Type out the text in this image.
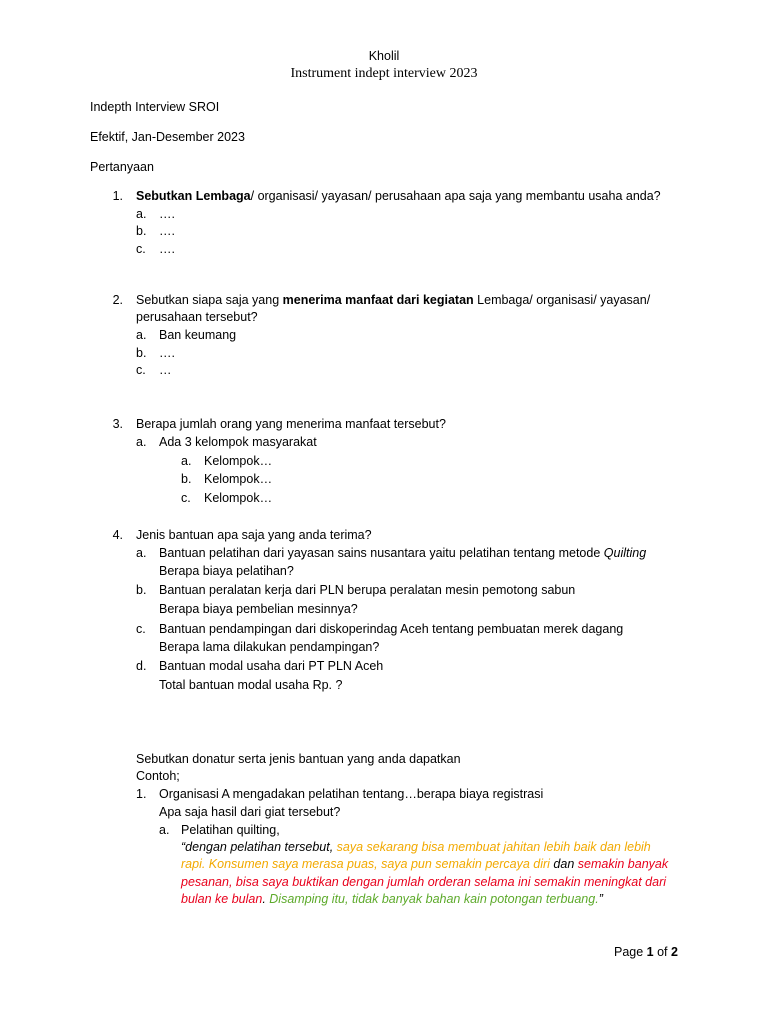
Kholil
Instrument indept interview 2023
Indepth Interview SROI
Efektif, Jan-Desember 2023
Pertanyaan
1. Sebutkan Lembaga/ organisasi/ yayasan/ perusahaan apa saja yang membantu usaha anda?
a. ….
b. ….
c. ….
2. Sebutkan siapa saja yang menerima manfaat dari kegiatan Lembaga/ organisasi/ yayasan/
perusahaan tersebut?
a. Ban keumang
b. ….
c. …
3. Berapa jumlah orang yang menerima manfaat tersebut?
a. Ada 3 kelompok masyarakat
a. Kelompok…
b. Kelompok…
c. Kelompok…
4. Jenis bantuan apa saja yang anda terima?
a. Bantuan pelatihan dari yayasan sains nusantara yaitu pelatihan tentang metode Quilting
Berapa biaya pelatihan?
b. Bantuan peralatan kerja dari PLN berupa peralatan mesin pemotong sabun
Berapa biaya pembelian mesinnya?
c. Bantuan pendampingan dari diskoperindag Aceh tentang pembuatan merek dagang
Berapa lama dilakukan pendampingan?
d. Bantuan modal usaha dari PT PLN Aceh
Total bantuan modal usaha Rp. ?
Sebutkan donatur serta jenis bantuan yang anda dapatkan
Contoh;
1. Organisasi A mengadakan pelatihan tentang…berapa biaya registrasi
Apa saja hasil dari giat tersebut?
a. Pelatihan quilting,
“dengan pelatihan tersebut, saya sekarang bisa membuat jahitan lebih baik dan lebih
rapi. Konsumen saya merasa puas, saya pun semakin percaya diri dan semakin banyak
pesanan, bisa saya buktikan dengan jumlah orderan selama ini semakin meningkat dari
bulan ke bulan. Disamping itu, tidak banyak bahan kain potongan terbuang.”
Page 1 of 2
